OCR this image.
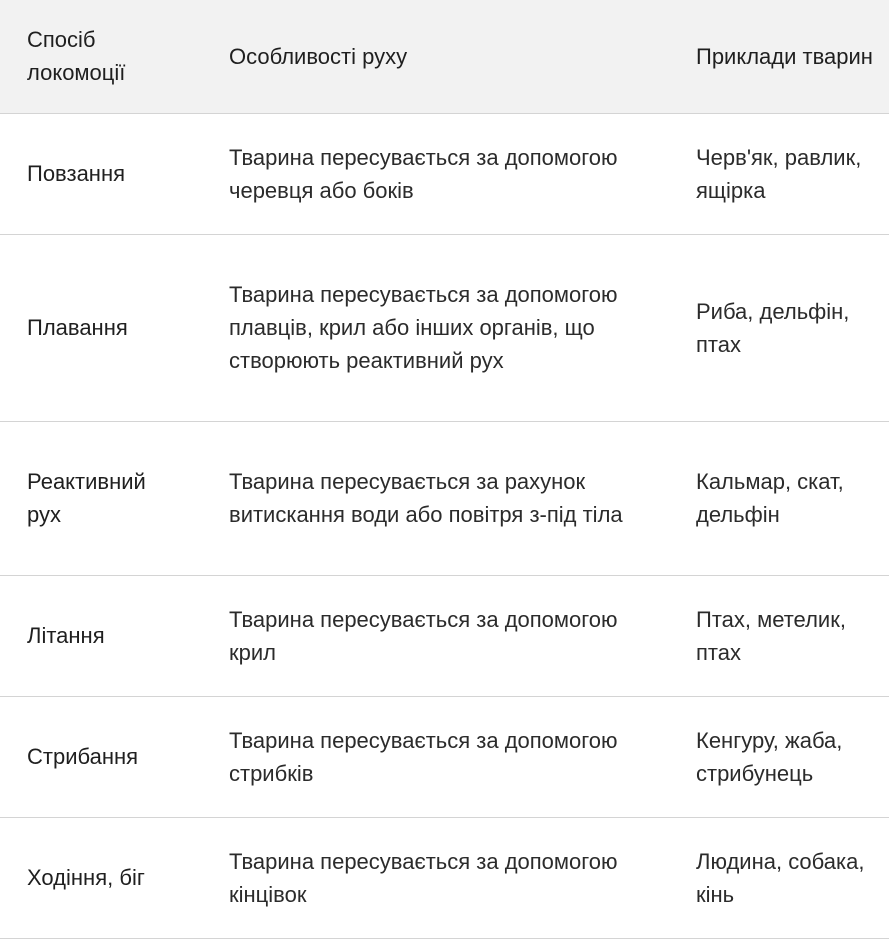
Спосіб локомоції	Особливості руху	Приклади тварин
Повзання	Тварина пересувається за допомогою черевця або боків	Черв'як, равлик, ящірка
Плавання	Тварина пересувається за допомогою плавців, крил або інших органів, що створюють реактивний рух	Риба, дельфін, птах
Реактивний рух	Тварина пересувається за рахунок витискання води або повітря з-під тіла	Кальмар, скат, дельфін
Літання	Тварина пересувається за допомогою крил	Птах, метелик, птах
Стрибання	Тварина пересувається за допомогою стрибків	Кенгуру, жаба, стрибунець
Ходіння, біг	Тварина пересувається за допомогою кінцівок	Людина, собака, кінь
